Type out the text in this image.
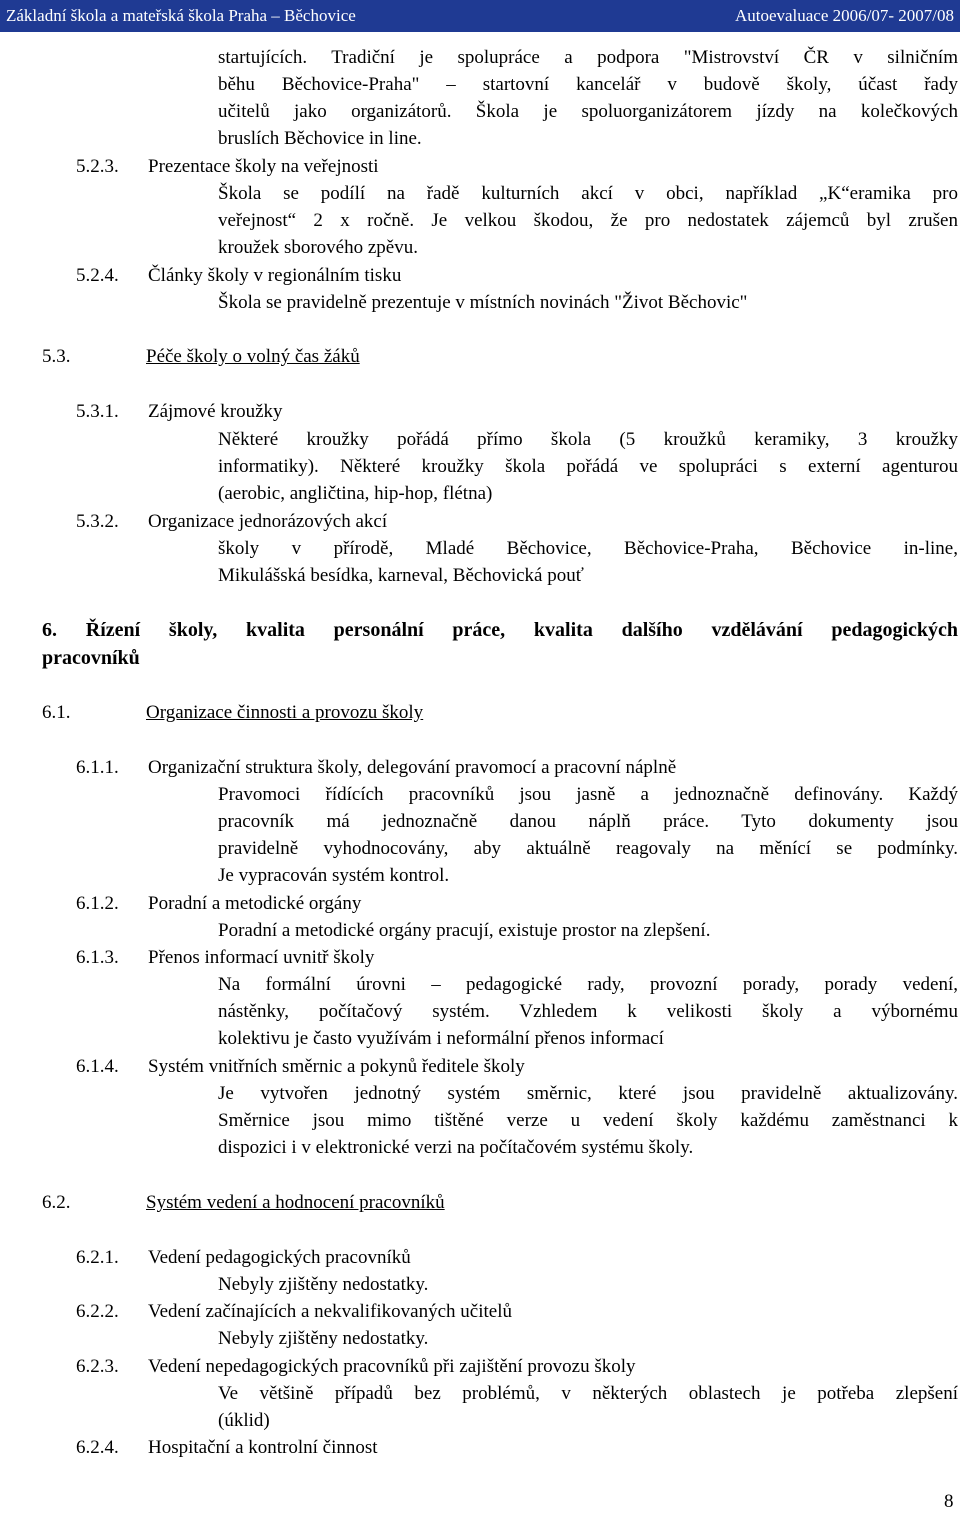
Základní škola a mateřská škola Praha – Běchovice	Autoevaluace 2006/07- 2007/08
startujících. Tradiční je spolupráce a podpora "Mistrovství ČR v silničním
běhu Běchovice-Praha" – startovní kancelář v budově školy, účast řady
učitelů jako organizátorů. Škola je spoluorganizátorem jízdy na kolečkových
bruslích Běchovice in line.
5.2.3. Prezentace školy na veřejnosti
Škola se podílí na řadě kulturních akcí v obci, například „K“eramika pro
veřejnost“ 2 x ročně. Je velkou škodou, že pro nedostatek zájemců byl zrušen
kroužek sborového zpěvu.
5.2.4. Články školy v regionálním tisku
Škola se pravidelně prezentuje v místních novinách "Život Běchovic"
5.3.	Péče školy o volný čas žáků
5.3.1. Zájmové kroužky
Některé kroužky pořádá přímo škola (5 kroužků keramiky, 3 kroužky
informatiky). Některé kroužky škola pořádá ve spolupráci s externí agenturou
(aerobic, angličtina, hip-hop, flétna)
5.3.2. Organizace jednorázových akcí
školy v přírodě, Mladé Běchovice, Běchovice-Praha, Běchovice in-line,
Mikulášská besídka, karneval, Běchovická pouť
6. Řízení školy, kvalita personální práce, kvalita dalšího vzdělávání pedagogických
pracovníků
6.1.	Organizace činnosti a provozu školy
6.1.1. Organizační struktura školy, delegování pravomocí a pracovní náplně
Pravomoci řídících pracovníků jsou jasně a jednoznačně definovány. Každý
pracovník má jednoznačně danou náplň práce. Tyto dokumenty jsou
pravidelně vyhodnocovány, aby aktuálně reagovaly na měnící se podmínky.
Je vypracován systém kontrol.
6.1.2. Poradní a metodické orgány
Poradní a metodické orgány pracují, existuje prostor na zlepšení.
6.1.3. Přenos informací uvnitř školy
Na formální úrovni – pedagogické rady, provozní porady, porady vedení,
nástěnky, počítačový systém. Vzhledem k velikosti školy a výbornému
kolektivu je často využívám i neformální přenos informací
6.1.4. Systém vnitřních směrnic a pokynů ředitele školy
Je vytvořen jednotný systém směrnic, které jsou pravidelně aktualizovány.
Směrnice jsou mimo tištěné verze u vedení školy každému zaměstnanci k
dispozici i v elektronické verzi na počítačovém systému školy.
6.2.	Systém vedení a hodnocení pracovníků
6.2.1. Vedení pedagogických pracovníků
Nebyly zjištěny nedostatky.
6.2.2. Vedení začínajících a nekvalifikovaných učitelů
Nebyly zjištěny nedostatky.
6.2.3. Vedení nepedagogických pracovníků při zajištění provozu školy
Ve většině případů bez problémů, v některých oblastech je potřeba zlepšení
(úklid)
6.2.4. Hospitační a kontrolní činnost
8
